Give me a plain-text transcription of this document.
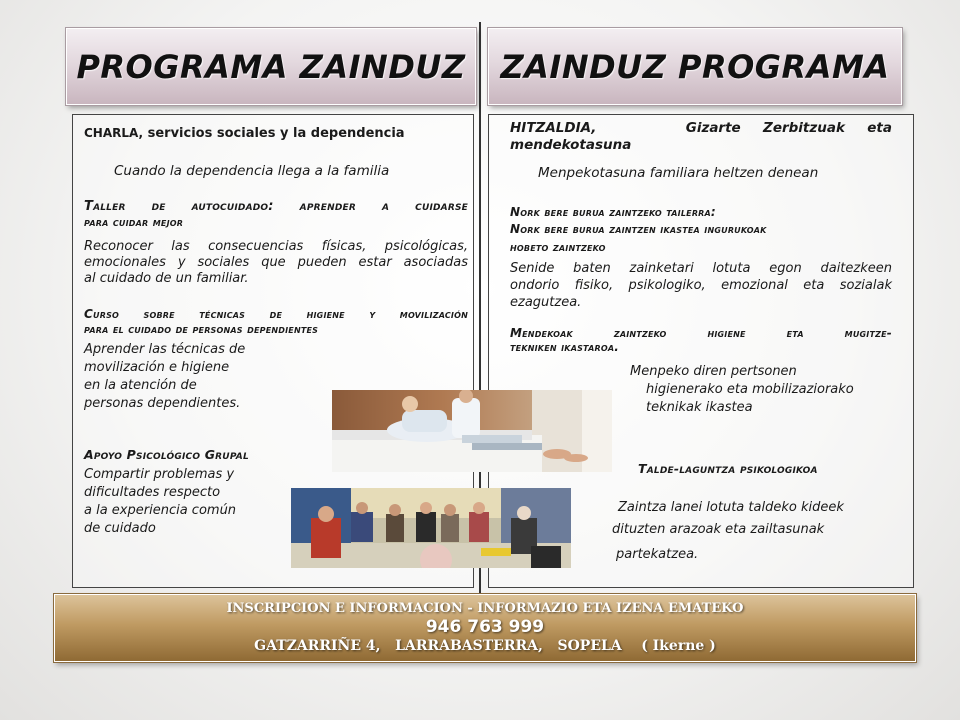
PROGRAMA ZAINDUZ ZAINDUZ PROGRAMA

CHARLA, servicios sociales y la dependencia

Cuando la dependencia llega a la familia

Taller de autocuidado: aprender a cuidarse

para cuidar mejor

Reconocer las consecuencias físicas, psicológicas,

emocionales y sociales que pueden estar asociadas

al cuidado de un familiar.

Curso sobre técnicas de higiene y movilización

para el cuidado de personas dependientes

Aprender las técnicas de

movilización e higiene

en la atención de

personas dependientes.

Apoyo Psicológico Grupal

Compartir problemas y

dificultades respecto

a la experiencia común

de cuidado

HITZALDIA,            Gizarte   Zerbitzuak   eta

mendekotasuna

Menpekotasuna familiara heltzen denean

Nork bere burua zaintzeko tailerra:

Nork bere burua zaintzen ikastea ingurukoak

hobeto zaintzeko

Senide baten zainketari lotuta egon daitezkeen

ondorio fisiko, psikologiko, emozional eta sozialak

ezagutzea.

Mendekoak zaintzeko higiene eta mugitze-

tekniken ikastaroa.

Menpeko diren pertsonen

higienerako eta mobilizaziorako

teknikak ikastea

Talde-laguntza psikologikoa

Zaintza lanei lotuta taldeko kideek

dituzten arazoak eta zailtasunak

partekatzea.

INSCRIPCION E INFORMACION - INFORMAZIO ETA IZENA EMATEKO
946 763 999
GATZARRIÑE 4,   LARRABASTERRA,   SOPELA    ( Ikerne )
